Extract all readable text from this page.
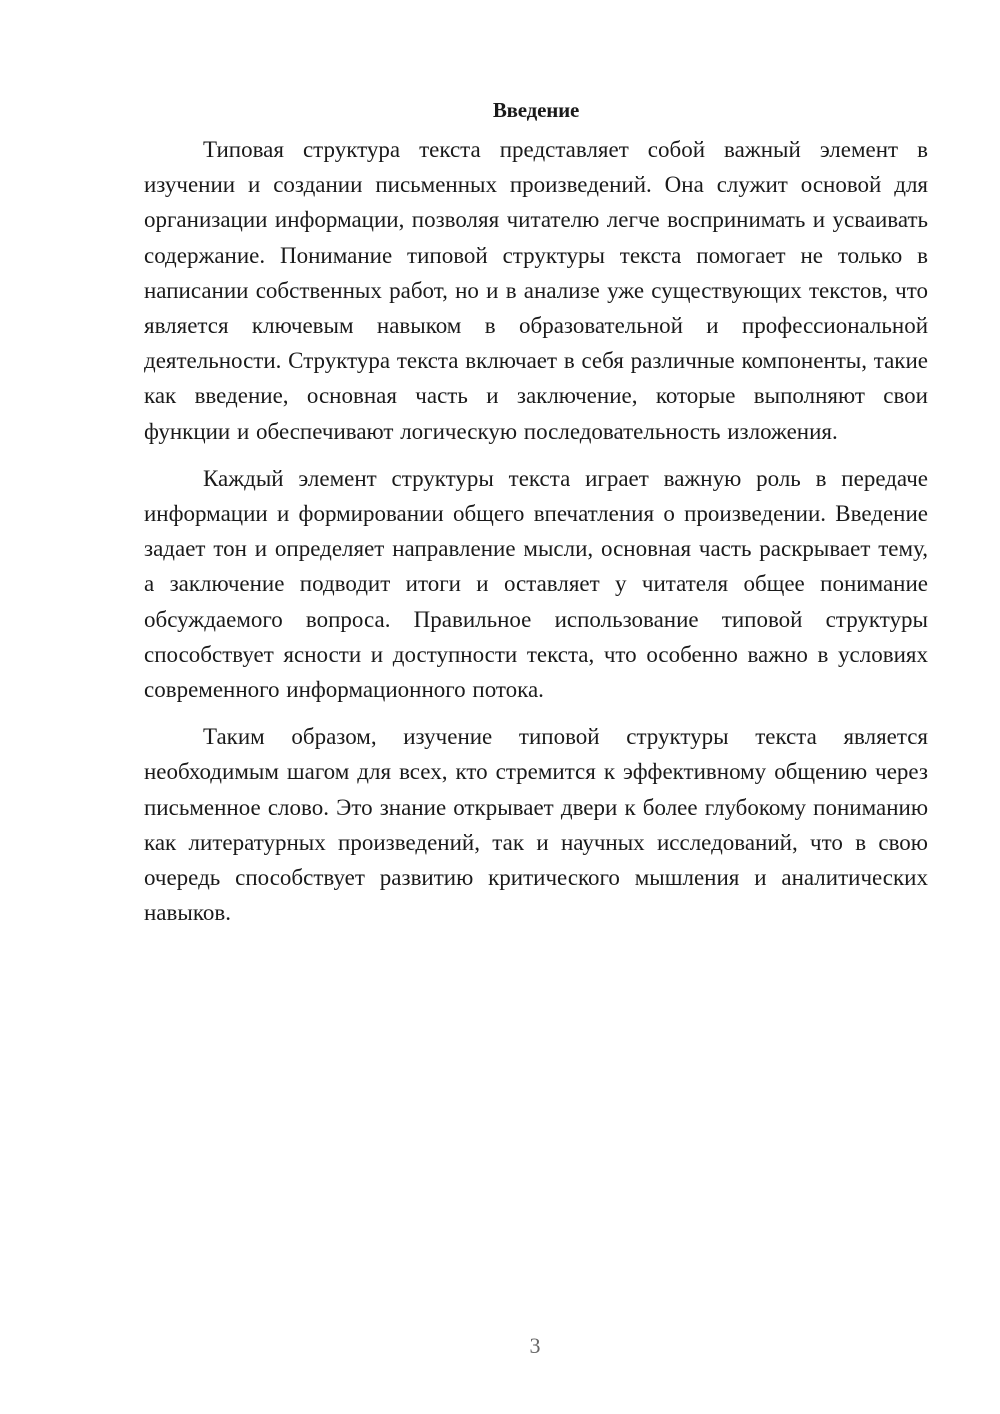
Введение

Типовая структура текста представляет собой важный элемент в изучении и создании письменных произведений. Она служит основой для организации информации, позволяя читателю легче воспринимать и усваивать содержание. Понимание типовой структуры текста помогает не только в написании собственных работ, но и в анализе уже существующих текстов, что является ключевым навыком в образовательной и профессиональной деятельности. Структура текста включает в себя различные компоненты, такие как введение, основная часть и заключение, которые выполняют свои функции и обеспечивают логическую последовательность изложения.

Каждый элемент структуры текста играет важную роль в передаче информации и формировании общего впечатления о произведении. Введение задает тон и определяет направление мысли, основная часть раскрывает тему, а заключение подводит итоги и оставляет у читателя общее понимание обсуждаемого вопроса. Правильное использование типовой структуры способствует ясности и доступности текста, что особенно важно в условиях современного информационного потока.

Таким образом, изучение типовой структуры текста является необходимым шагом для всех, кто стремится к эффективному общению через письменное слово. Это знание открывает двери к более глубокому пониманию как литературных произведений, так и научных исследований, что в свою очередь способствует развитию критического мышления и аналитических навыков.

3
